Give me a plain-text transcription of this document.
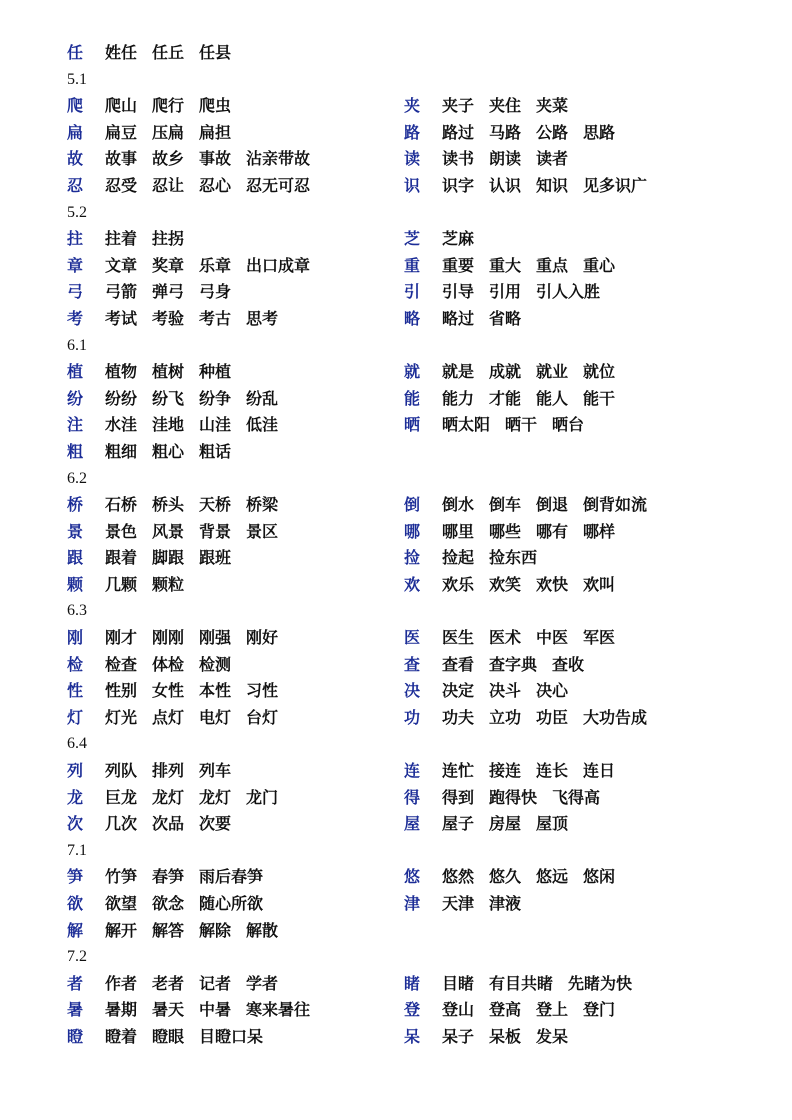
任 姓任 任丘 任县
5.1
爬 爬山 爬行 爬虫	夹 夹子 夹住 夹菜
扁 扁豆 压扁 扁担	路 路过 马路 公路 思路
故 故事 故乡 事故 沾亲带故	读 读书 朗读 读者
忍 忍受 忍让 忍心 忍无可忍	识 识字 认识 知识 见多识广
5.2
拄 拄着 拄拐	芝 芝麻
章 文章 奖章 乐章 出口成章	重 重要 重大 重点 重心
弓 弓箭 弹弓 弓身	引 引导 引用 引人入胜
考 考试 考验 考古 思考	略 略过 省略
6.1
植 植物 植树 种植	就 就是 成就 就业 就位
纷 纷纷 纷飞 纷争 纷乱	能 能力 才能 能人 能干
注 水洼 洼地 山洼 低洼	晒 晒太阳 晒干 晒台
粗 粗细 粗心 粗话
6.2
桥 石桥 桥头 天桥 桥梁	倒 倒水 倒车 倒退 倒背如流
景 景色 风景 背景 景区	哪 哪里 哪些 哪有 哪样
跟 跟着 脚跟 跟班	捡 捡起 捡东西
颗 几颗 颗粒	欢 欢乐 欢笑 欢快 欢叫
6.3
刚 刚才 刚刚 刚强 刚好	医 医生 医术 中医 军医
检 检查 体检 检测	查 查看 查字典 查收
性 性别 女性 本性 习性	决 决定 决斗 决心
灯 灯光 点灯 电灯 台灯	功 功夫 立功 功臣 大功告成
6.4
列 列队 排列 列车	连 连忙 接连 连长 连日
龙 巨龙 龙灯 龙灯 龙门	得 得到 跑得快 飞得高
次 几次 次品 次要	屋 屋子 房屋 屋顶
7.1
笋 竹笋 春笋 雨后春笋	悠 悠然 悠久 悠远 悠闲
欲 欲望 欲念 随心所欲	津 天津 津液
解 解开 解答 解除 解散
7.2
者 作者 老者 记者 学者	睹 目睹 有目共睹 先睹为快
暑 暑期 暑天 中暑 寒来暑往	登 登山 登高 登上 登门
瞪 瞪着 瞪眼 目瞪口呆	呆 呆子 呆板 发呆
